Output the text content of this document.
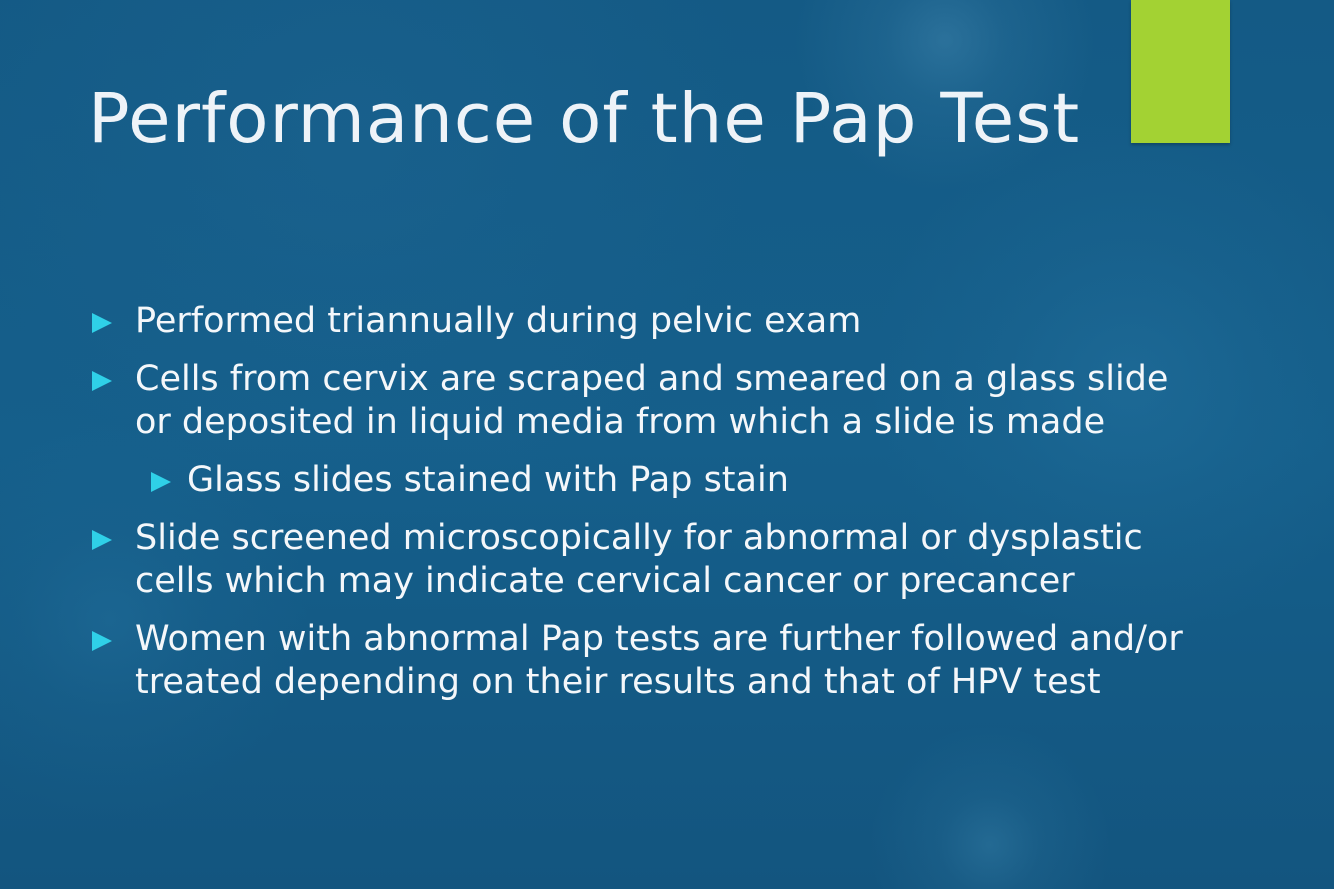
Performance of the Pap Test
Performed triannually during pelvic exam
Cells from cervix are scraped and smeared on a glass slide or deposited in liquid media from which a slide is made
Glass slides stained with Pap stain
Slide screened microscopically for abnormal or dysplastic cells which may indicate cervical cancer or precancer
Women with abnormal Pap tests are further followed and/or treated depending on their results and that of HPV test
